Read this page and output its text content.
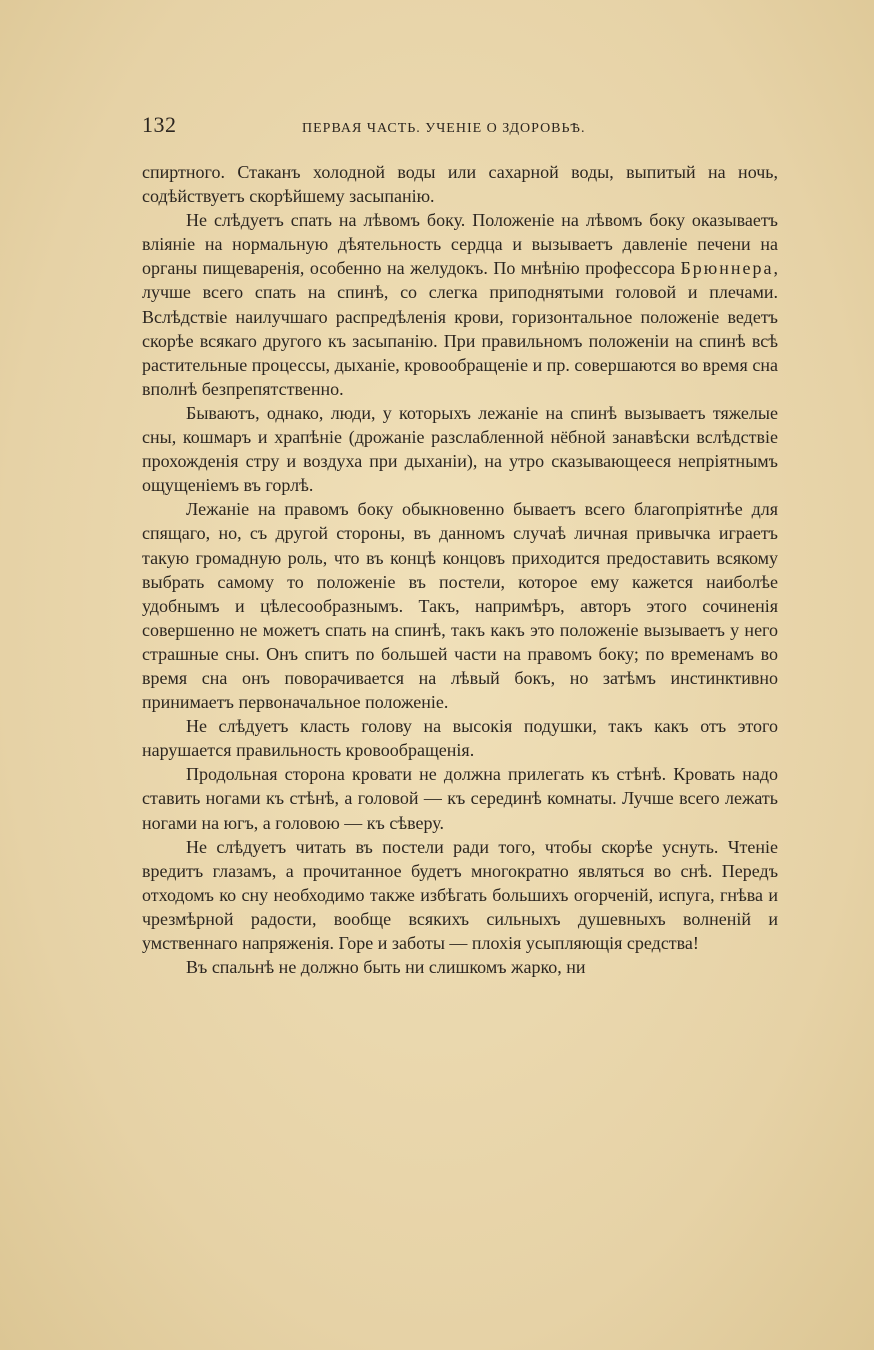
132	ПЕРВАЯ ЧАСТЬ. УЧЕНІЕ О ЗДОРОВЬѢ.

спиртного. Стаканъ холодной воды или сахарной воды, выпитый на ночь, содѣйствуетъ скорѣйшему засыпанію.

Не слѣдуетъ спать на лѣвомъ боку. Положеніе на лѣвомъ боку оказываетъ вліяніе на нормальную дѣятельность сердца и вызываетъ давленіе печени на органы пищеваренія, особенно на желудокъ. По мнѣнію профессора Брюннера, лучше всего спать на спинѣ, со слегка приподнятыми головой и плечами. Вслѣдствіе наилучшаго распредѣленія крови, горизонтальное положеніе ведетъ скорѣе всякаго другого къ засыпанію. При правильномъ положеніи на спинѣ всѣ растительные процессы, дыханіе, кровообращеніе и пр. совершаются во время сна вполнѣ безпрепятственно.

Бываютъ, однако, люди, у которыхъ лежаніе на спинѣ вызываетъ тяжелые сны, кошмаръ и храпѣніе (дрожаніе разслабленной нёбной занавѣски вслѣдствіе прохожденія стру и воздуха при дыханіи), на утро сказывающееся непріятнымъ ощущеніемъ въ горлѣ.

Лежаніе на правомъ боку обыкновенно бываетъ всего благопріятнѣе для спящаго, но, съ другой стороны, въ данномъ случаѣ личная привычка играетъ такую громадную роль, что въ концѣ концовъ приходится предоставить всякому выбрать самому то положеніе въ постели, которое ему кажется наиболѣе удобнымъ и цѣлесообразнымъ. Такъ, напримѣръ, авторъ этого сочиненія совершенно не можетъ спать на спинѣ, такъ какъ это положеніе вызываетъ у него страшные сны. Онъ спитъ по большей части на правомъ боку; по временамъ во время сна онъ поворачивается на лѣвый бокъ, но затѣмъ инстинктивно принимаетъ первоначальное положеніе.

Не слѣдуетъ класть голову на высокія подушки, такъ какъ отъ этого нарушается правильность кровообращенія.

Продольная сторона кровати не должна прилегать къ стѣнѣ. Кровать надо ставить ногами къ стѣнѣ, а головой — къ серединѣ комнаты. Лучше всего лежать ногами на югъ, а головою — къ сѣверу.

Не слѣдуетъ читать въ постели ради того, чтобы скорѣе уснуть. Чтеніе вредитъ глазамъ, а прочитанное будетъ многократно являться во снѣ. Передъ отходомъ ко сну необходимо также избѣгать большихъ огорченій, испуга, гнѣва и чрезмѣрной радости, вообще всякихъ сильныхъ душевныхъ волненій и умственнаго напряженія. Горе и заботы — плохія усыпляющія средства!

Въ спальнѣ не должно быть ни слишкомъ жарко, ни
